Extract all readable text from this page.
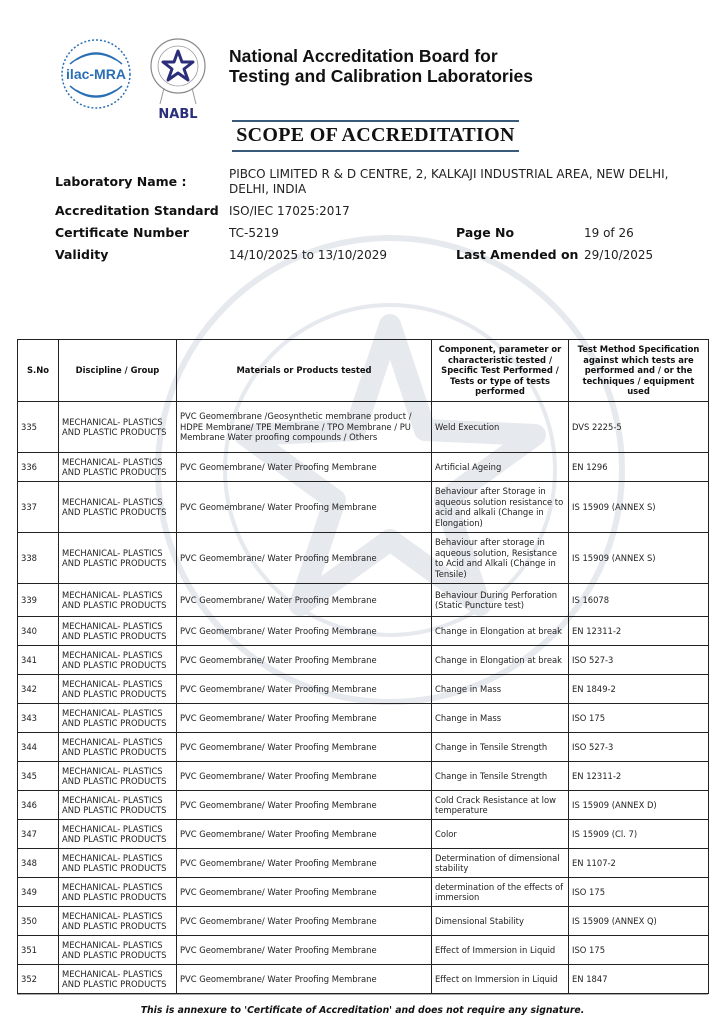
ilac-MRA
NABL
National Accreditation Board for
Testing and Calibration Laboratories
SCOPE OF ACCREDITATION
Laboratory Name :	PIBCO LIMITED R & D CENTRE, 2, KALKAJI INDUSTRIAL AREA, NEW DELHI,
DELHI, INDIA
Accreditation Standard ISO/IEC 17025:2017
Certificate Number	TC-5219	Page No	19 of 26
Validity	14/10/2025 to 13/10/2029	Last Amended on 29/10/2025
S.No	Discipline / Group	Materials or Products tested	Component, parameter or characteristic tested / Specific Test Performed / Tests or type of tests performed	Test Method Specification against which tests are performed and / or the techniques / equipment used
335	MECHANICAL- PLASTICS AND PLASTIC PRODUCTS	PVC Geomembrane /Geosynthetic membrane product / HDPE Membrane/ TPE Membrane / TPO Membrane / PU Membrane Water proofing compounds / Others	Weld Execution	DVS 2225-5
336	MECHANICAL- PLASTICS AND PLASTIC PRODUCTS	PVC Geomembrane/ Water Proofing Membrane	Artificial Ageing	EN 1296
337	MECHANICAL- PLASTICS AND PLASTIC PRODUCTS	PVC Geomembrane/ Water Proofing Membrane	Behaviour after Storage in aqueous solution resistance to acid and alkali (Change in Elongation)	IS 15909 (ANNEX S)
338	MECHANICAL- PLASTICS AND PLASTIC PRODUCTS	PVC Geomembrane/ Water Proofing Membrane	Behaviour after storage in aqueous solution, Resistance to Acid and Alkali (Change in Tensile)	IS 15909 (ANNEX S)
339	MECHANICAL- PLASTICS AND PLASTIC PRODUCTS	PVC Geomembrane/ Water Proofing Membrane	Behaviour During Perforation (Static Puncture test)	IS 16078
340	MECHANICAL- PLASTICS AND PLASTIC PRODUCTS	PVC Geomembrane/ Water Proofing Membrane	Change in Elongation at break	EN 12311-2
341	MECHANICAL- PLASTICS AND PLASTIC PRODUCTS	PVC Geomembrane/ Water Proofing Membrane	Change in Elongation at break	ISO 527-3
342	MECHANICAL- PLASTICS AND PLASTIC PRODUCTS	PVC Geomembrane/ Water Proofing Membrane	Change in Mass	EN 1849-2
343	MECHANICAL- PLASTICS AND PLASTIC PRODUCTS	PVC Geomembrane/ Water Proofing Membrane	Change in Mass	ISO 175
344	MECHANICAL- PLASTICS AND PLASTIC PRODUCTS	PVC Geomembrane/ Water Proofing Membrane	Change in Tensile Strength	ISO 527-3
345	MECHANICAL- PLASTICS AND PLASTIC PRODUCTS	PVC Geomembrane/ Water Proofing Membrane	Change in Tensile Strength	EN 12311-2
346	MECHANICAL- PLASTICS AND PLASTIC PRODUCTS	PVC Geomembrane/ Water Proofing Membrane	Cold Crack Resistance at low temperature	IS 15909 (ANNEX D)
347	MECHANICAL- PLASTICS AND PLASTIC PRODUCTS	PVC Geomembrane/ Water Proofing Membrane	Color	IS 15909 (Cl. 7)
348	MECHANICAL- PLASTICS AND PLASTIC PRODUCTS	PVC Geomembrane/ Water Proofing Membrane	Determination of dimensional stability	EN 1107-2
349	MECHANICAL- PLASTICS AND PLASTIC PRODUCTS	PVC Geomembrane/ Water Proofing Membrane	determination of the effects of immersion	ISO 175
350	MECHANICAL- PLASTICS AND PLASTIC PRODUCTS	PVC Geomembrane/ Water Proofing Membrane	Dimensional Stability	IS 15909 (ANNEX Q)
351	MECHANICAL- PLASTICS AND PLASTIC PRODUCTS	PVC Geomembrane/ Water Proofing Membrane	Effect of Immersion in Liquid	ISO 175
352	MECHANICAL- PLASTICS AND PLASTIC PRODUCTS	PVC Geomembrane/ Water Proofing Membrane	Effect on Immersion in Liquid	EN 1847
This is annexure to 'Certificate of Accreditation' and does not require any signature.
